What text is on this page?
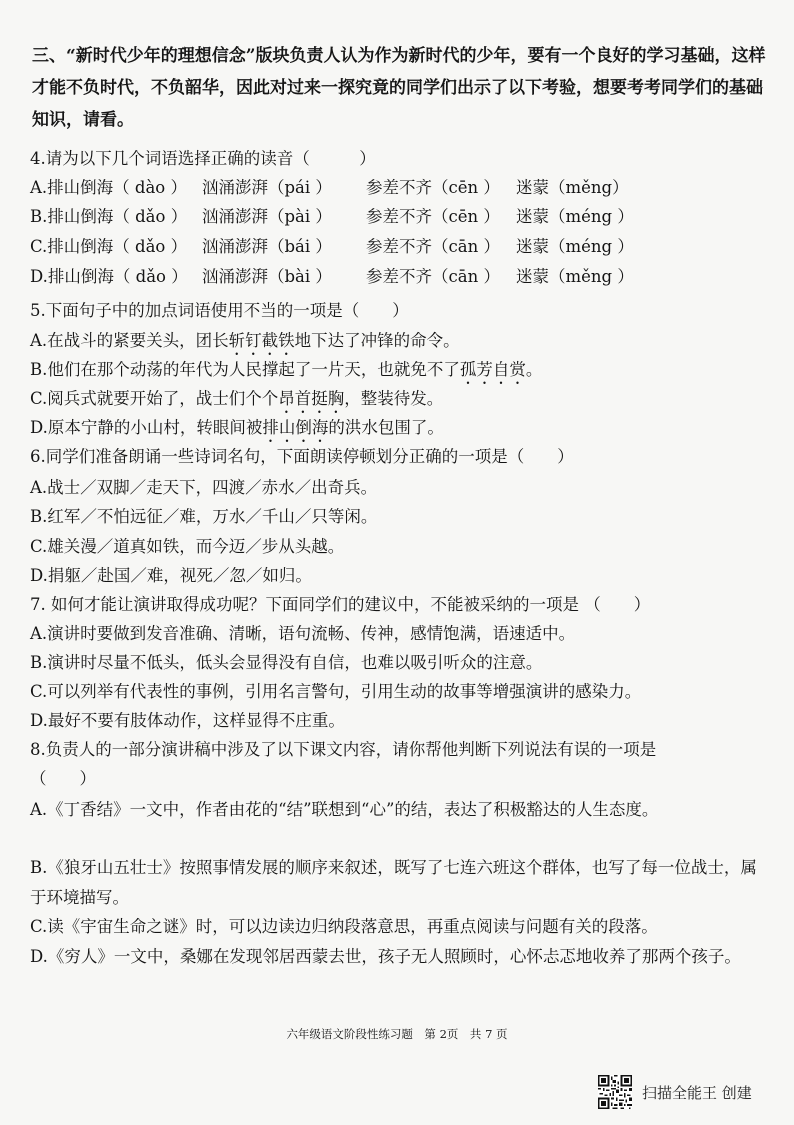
三、“新时代少年的理想信念”版块负责人认为作为新时代的少年，要有一个良好的学习基础，这样才能不负时代，不负韶华，因此对过来一探究竟的同学们出示了以下考验，想要考考同学们的基础知识，请看。
4.请为以下几个词语选择正确的读音（　　　）
A.排山倒海（ dào ） 汹涌澎湃（pái ） 参差不齐（cēn ） 迷蒙（měng）
B.排山倒海（ dǎo ） 汹涌澎湃（pài ） 参差不齐（cēn ） 迷蒙（méng ）
C.排山倒海（ dǎo ） 汹涌澎湃（bái ） 参差不齐（cān ） 迷蒙（méng ）
D.排山倒海（ dǎo ） 汹涌澎湃（bài ） 参差不齐（cān ） 迷蒙（měng ）
5.下面句子中的加点词语使用不当的一项是（　　）
A.在战斗的紧要关头，团长斩钉截铁地下达了冲锋的命令。
B.他们在那个动荡的年代为人民撑起了一片天，也就免不了孤芳自赏。
C.阅兵式就要开始了，战士们个个昂首挺胸，整装待发。
D.原本宁静的小山村，转眼间被排山倒海的洪水包围了。
6.同学们准备朗诵一些诗词名句，下面朗读停顿划分正确的一项是（　　）
A.战士／双脚／走天下，四渡／赤水／出奇兵。
B.红军／不怕远征／难，万水／千山／只等闲。
C.雄关漫／道真如铁，而今迈／步从头越。
D.捐躯／赴国／难，视死／忽／如归。
7. 如何才能让演讲取得成功呢？下面同学们的建议中，不能被采纳的一项是 （　　）
A.演讲时要做到发音准确、清晰，语句流畅、传神，感情饱满，语速适中。
B.演讲时尽量不低头，低头会显得没有自信，也难以吸引听众的注意。
C.可以列举有代表性的事例，引用名言警句，引用生动的故事等增强演讲的感染力。
D.最好不要有肢体动作，这样显得不庄重。
8.负责人的一部分演讲稿中涉及了以下课文内容，请你帮他判断下列说法有误的一项是
（　　）
A.《丁香结》一文中，作者由花的“结”联想到“心”的结，表达了积极豁达的人生态度。
B.《狼牙山五壮士》按照事情发展的顺序来叙述，既写了七连六班这个群体，也写了每一位战士，属于环境描写。
C.读《宇宙生命之谜》时，可以边读边归纳段落意思，再重点阅读与问题有关的段落。
D.《穷人》一文中，桑娜在发现邻居西蒙去世，孩子无人照顾时，心怀忐忑地收养了那两个孩子。
六年级语文阶段性练习题　第 2页　共 7 页
扫描全能王 创建
